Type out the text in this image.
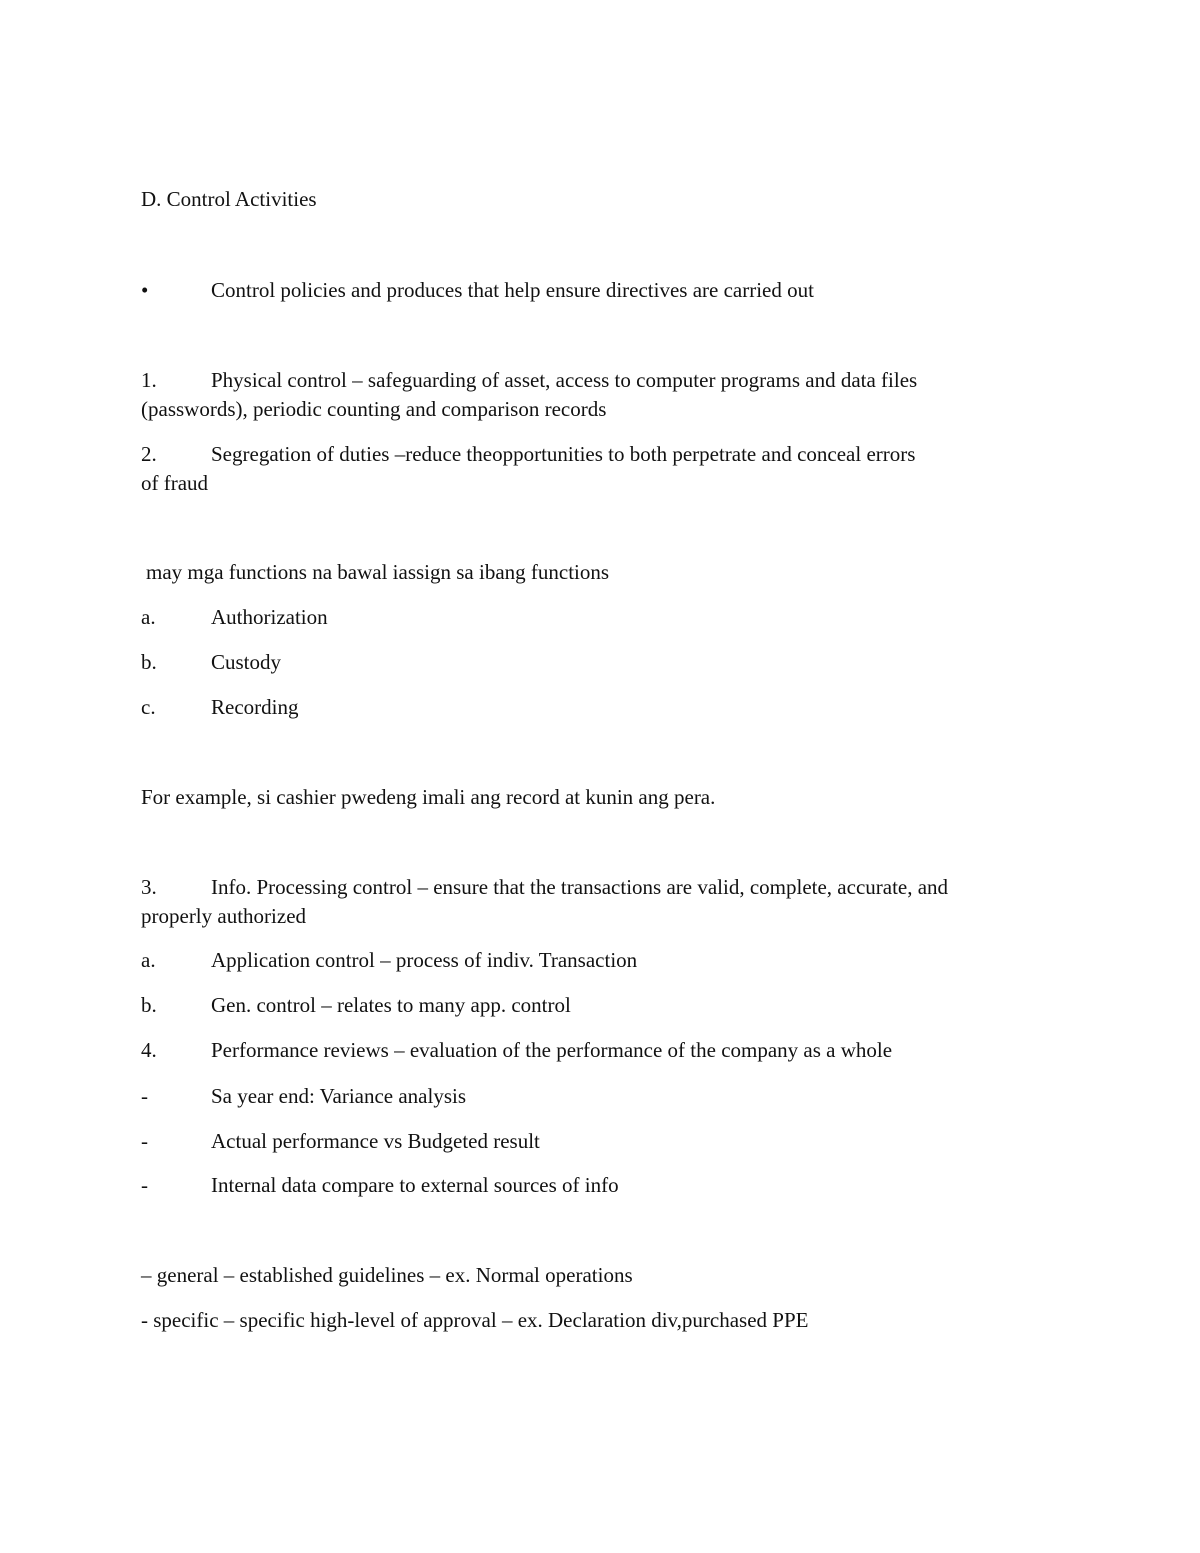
D. Control Activities
•	Control policies and produces that help ensure directives are carried out
1.	Physical control – safeguarding of asset, access to computer programs and data files
(passwords), periodic counting and comparison records
2.	Segregation of duties –reduce theopportunities to both perpetrate and conceal errors
of fraud
may mga functions na bawal iassign sa ibang functions
a.	Authorization
b.	Custody
c.	Recording
For example, si cashier pwedeng imali ang record at kunin ang pera.
3.	Info. Processing control – ensure that the transactions are valid, complete, accurate, and
properly authorized
a.	Application control – process of indiv. Transaction
b.	Gen. control – relates to many app. control
4.	Performance reviews – evaluation of the performance of the company as a whole
-	Sa year end: Variance analysis
-	Actual performance vs Budgeted result
-	Internal data compare to external sources of info
– general – established guidelines – ex. Normal operations
- specific – specific high-level of approval – ex. Declaration div,purchased PPE
